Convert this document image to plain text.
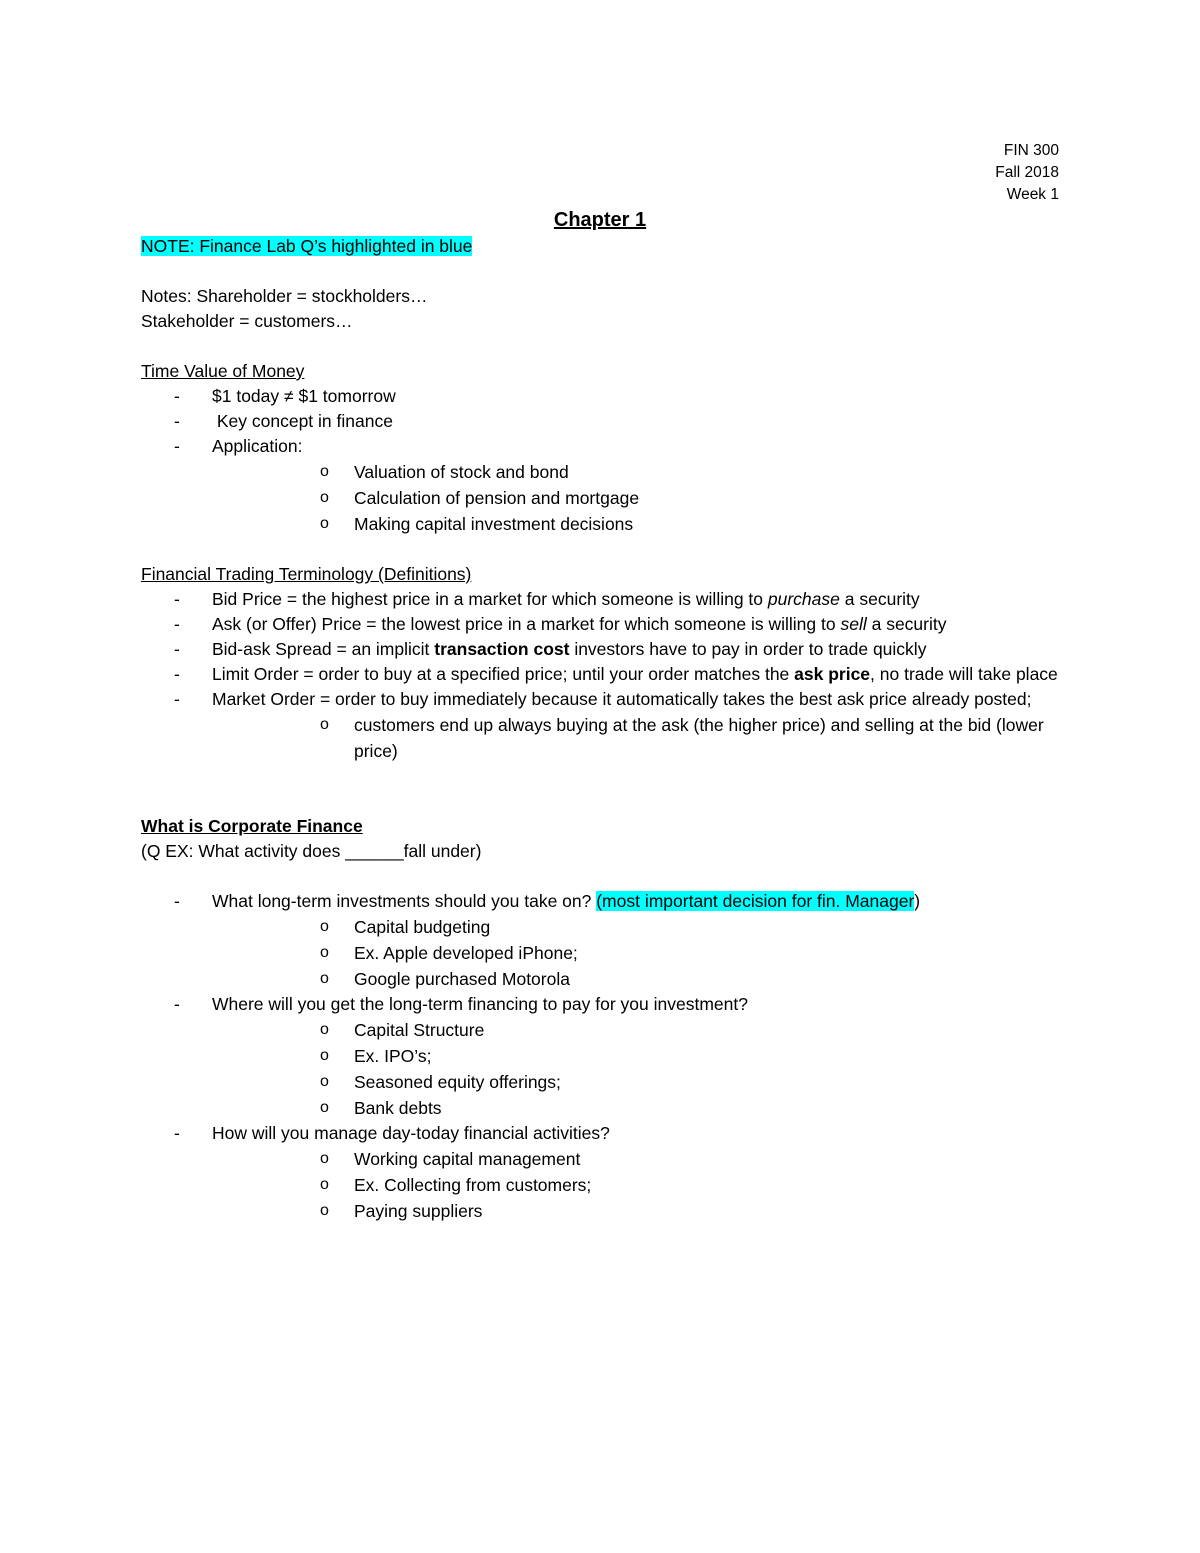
FIN 300
Fall 2018
Week 1
Chapter 1
NOTE: Finance Lab Q’s highlighted in blue
Notes: Shareholder = stockholders…
Stakeholder = customers…
Time Value of Money
- $1 today ≠ $1 tomorrow
- Key concept in finance
- Application:
o Valuation of stock and bond
o Calculation of pension and mortgage
o Making capital investment decisions
Financial Trading Terminology (Definitions)
- Bid Price = the highest price in a market for which someone is willing to purchase a security
- Ask (or Offer) Price = the lowest price in a market for which someone is willing to sell a security
- Bid-ask Spread = an implicit transaction cost investors have to pay in order to trade quickly
- Limit Order = order to buy at a specified price; until your order matches the ask price, no trade will take place
- Market Order = order to buy immediately because it automatically takes the best ask price already posted;
o customers end up always buying at the ask (the higher price) and selling at the bid (lower price)
What is Corporate Finance
(Q EX: What activity does ______fall under)
- What long-term investments should you take on? (most important decision for fin. Manager)
o Capital budgeting
o Ex. Apple developed iPhone;
o Google purchased Motorola
- Where will you get the long-term financing to pay for you investment?
o Capital Structure
o Ex. IPO’s;
o Seasoned equity offerings;
o Bank debts
- How will you manage day-today financial activities?
o Working capital management
o Ex. Collecting from customers;
o Paying suppliers
